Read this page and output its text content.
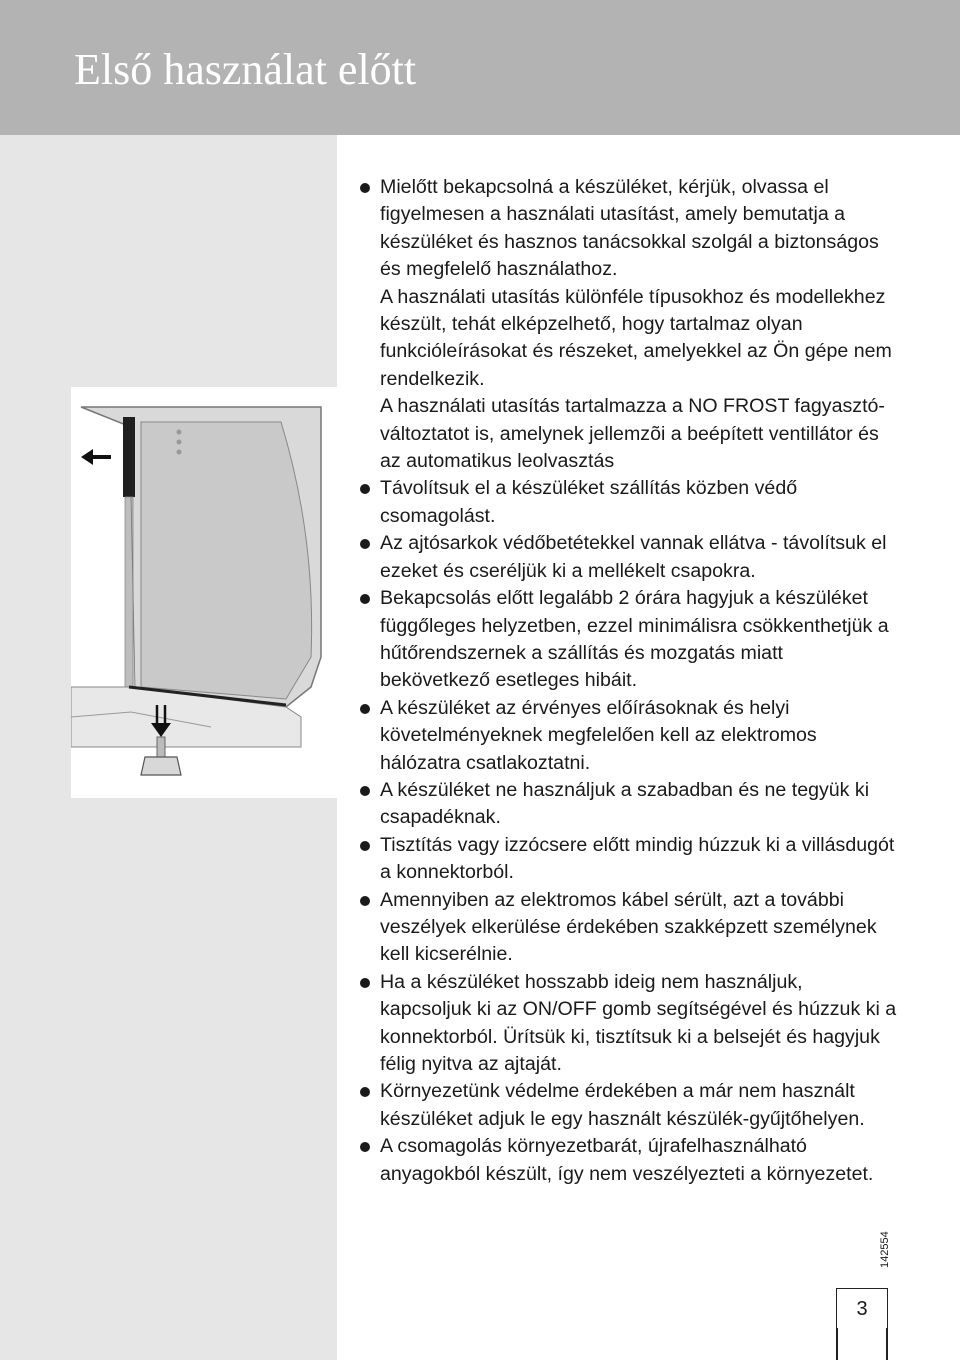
Első használat előtt

Mielőtt bekapcsolná a készüléket, kérjük, olvassa el figyelmesen a használati utasítást, amely bemutatja a készüléket és hasznos tanácsokkal szolgál a biztonságos és megfelelő használathoz.

A használati utasítás különféle típusokhoz és modellekhez készült, tehát elképzelhető, hogy tartalmaz olyan funkcióleírásokat és részeket, amelyekkel az Ön gépe nem rendelkezik.

A használati utasítás tartalmazza a NO FROST fagyasztó-változtatot is, amelynek jellemzõi a beépített ventillátor és az automatikus leolvasztás

Távolítsuk el a készüléket szállítás közben védő csomagolást.

Az ajtósarkok védőbetétekkel vannak ellátva - távolítsuk el ezeket és cseréljük ki a mellékelt csapokra.

Bekapcsolás előtt legalább 2 órára hagyjuk a készüléket függőleges helyzetben, ezzel minimálisra csökkenthetjük a hűtőrendszernek a szállítás és mozgatás miatt bekövetkező esetleges hibáit.

A készüléket az érvényes előírásoknak és helyi követelményeknek megfelelően kell az elektromos hálózatra csatlakoztatni.

A készüléket ne használjuk a szabadban és ne tegyük ki csapadéknak.

Tisztítás vagy izzócsere előtt mindig húzzuk ki a villásdugót a konnektorból.

Amennyiben az elektromos kábel sérült, azt a további veszélyek elkerülése érdekében szakképzett személynek kell kicserélnie.

Ha a készüléket hosszabb ideig nem használjuk, kapcsoljuk ki az ON/OFF gomb segítségével és húzzuk ki a konnektorból. Ürítsük ki, tisztítsuk ki a belsejét és hagyjuk félig nyitva az ajtaját.

Környezetünk védelme érdekében a már nem használt készüléket adjuk le egy használt készülék-gyűjtőhelyen.

A csomagolás környezetbarát, újrafelhasználható anyagokból készült, így nem veszélyezteti a környezetet.

142554
3
